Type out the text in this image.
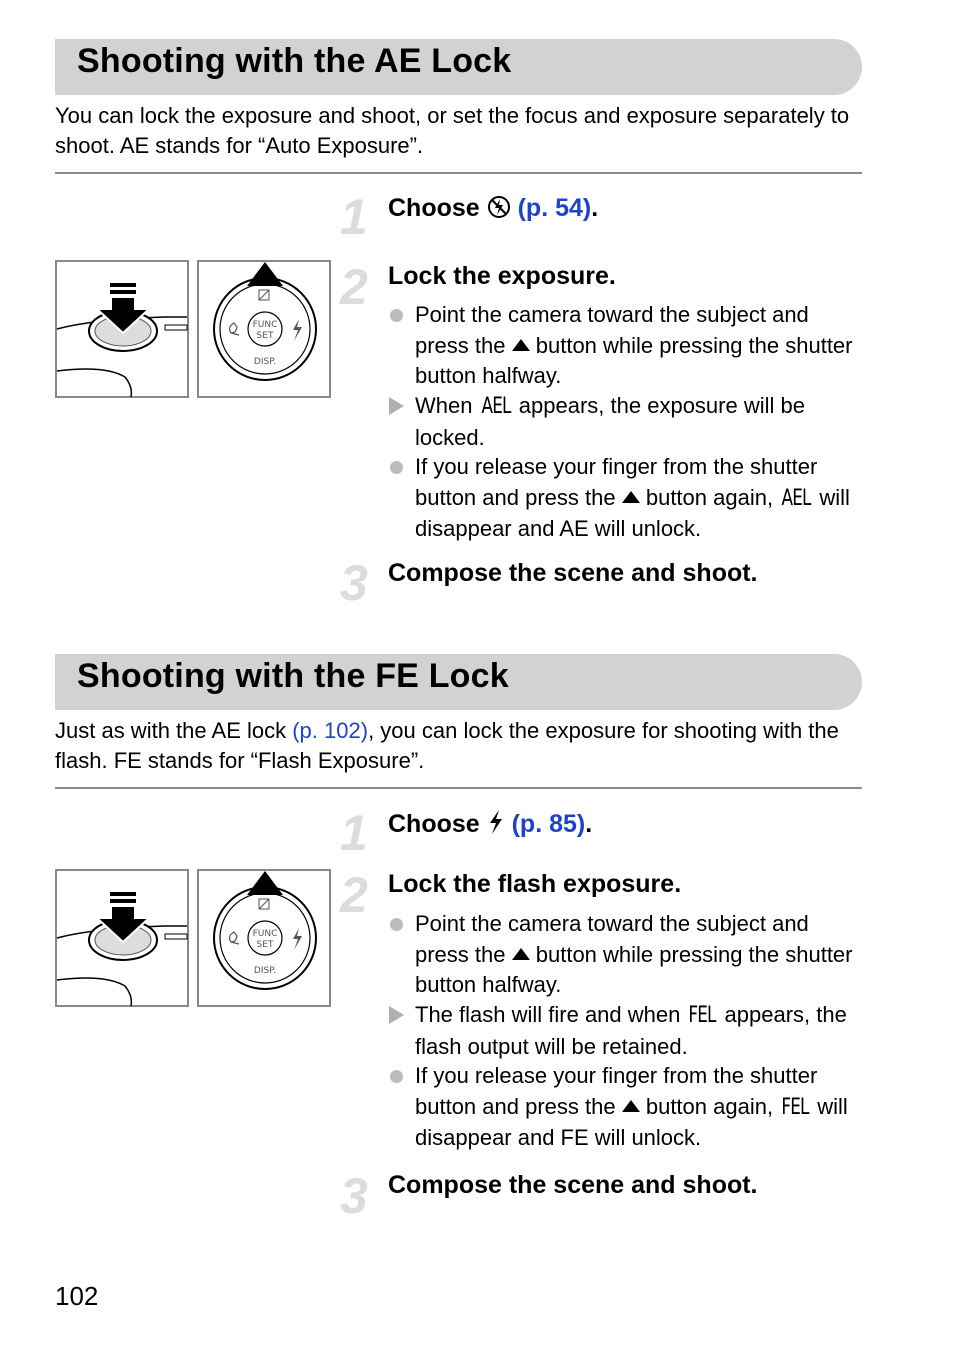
Shooting with the AE Lock

You can lock the exposure and shoot, or set the focus and exposure separately to shoot. AE stands for “Auto Exposure”.

1 Choose (p. 54).
2 Lock the exposure.
Point the camera toward the subject and press the button while pressing the shutter button halfway.
When AEL appears, the exposure will be locked.
If you release your finger from the shutter button and press the button again, AEL will disappear and AE will unlock.
3 Compose the scene and shoot.
FUNC
SET
DISP.
Shooting with the FE Lock

Just as with the AE lock (p. 102), you can lock the exposure for shooting with the flash. FE stands for “Flash Exposure”.

1 Choose (p. 85).
2 Lock the flash exposure.
Point the camera toward the subject and press the button while pressing the shutter button halfway.
The flash will fire and when FEL appears, the flash output will be retained.
If you release your finger from the shutter button and press the button again, FEL will disappear and FE will unlock.
3 Compose the scene and shoot.
FUNC
SET
DISP.
102
